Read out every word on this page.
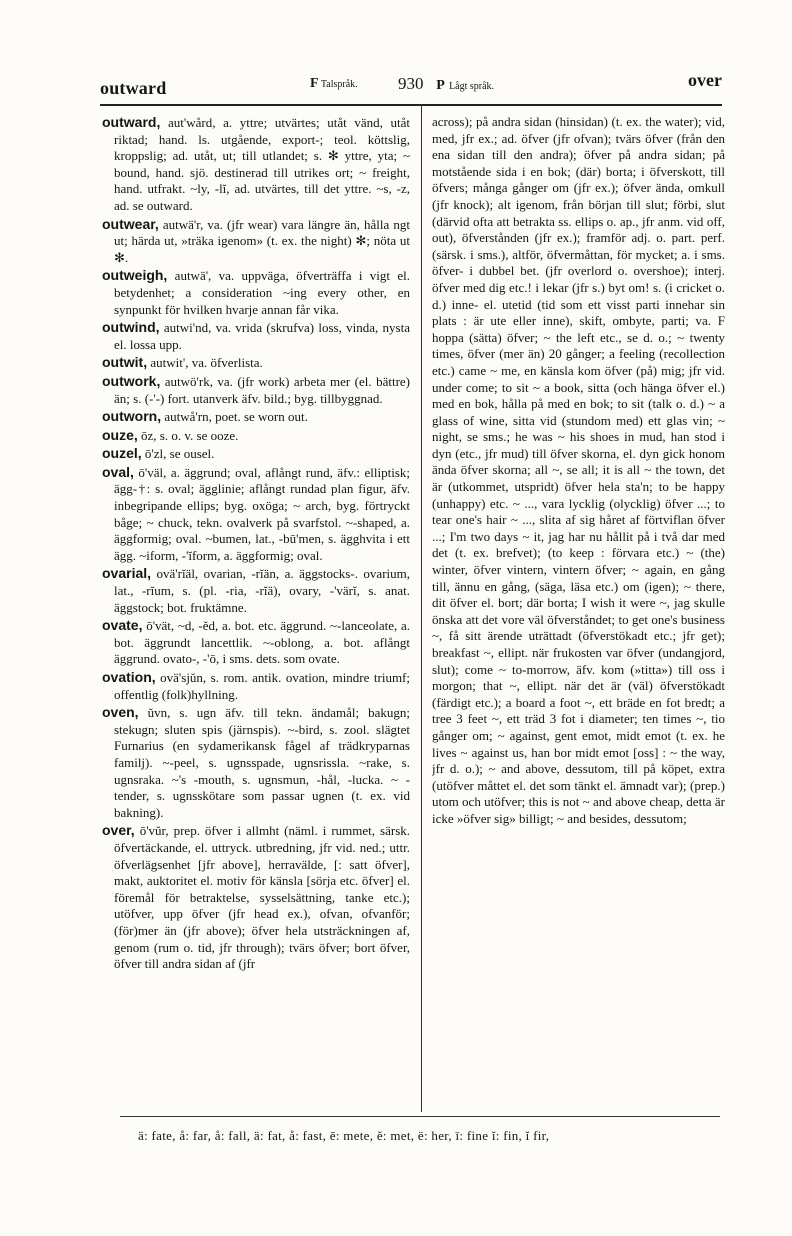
outward	F Talspråk. 930 P Lågt språk.	over

outward, aut'wård, a. yttre; utvärtes; utåt vänd, utåt riktad; hand. ls. utgående, export-; teol. köttslig, kroppslig; ad. utåt, ut; till utlandet; s. ✻ yttre, yta; ~ bound, hand. sjö. destinerad till utrikes ort; ~ freight, hand. utfrakt. ~ly, -lĭ, ad. utvärtes, till det yttre. ~s, -z, ad. se outward.

outwear, autwä'r, va. (jfr wear) vara längre än, hålla ngt ut; härda ut, »träka igenom» (t. ex. the night) ✻; nöta ut ✻.

outweigh, autwä', va. uppväga, öfverträffa i vigt el. betydenhet; a consideration ~ing every other, en synpunkt för hvilken hvarje annan får vika.

outwind, autwi'nd, va. vrida (skrufva) loss, vinda, nysta el. lossa upp.

outwit, autwit', va. öfverlista.

outwork, autwö'rk, va. (jfr work) arbeta mer (el. bättre) än; s. (-'-) fort. utanverk äfv. bild.; byg. tillbyggnad.

outworn, autwå'rn, poet. se worn out.

ouze, ōz, s. o. v. se ooze.

ouzel, ō'zl, se ousel.

oval, ō'väl, a. äggrund; oval, aflångt rund, äfv.: elliptisk; ägg-†: s. oval; ägglinie; aflångt rundad plan figur, äfv. inbegripande ellips; byg. oxöga; ~ arch, byg. förtryckt båge; ~ chuck, tekn. ovalverk på svarfstol. ~-shaped, a. äggformig; oval. ~bumen, lat., -bū'men, s. ägghvita i ett ägg. ~iform, -'ĭform, a. äggformig; oval.

ovarial, ovä'rĭäl, ovarian, -rĭän, a. äggstocks-. ovarium, lat., -rĭum, s. (pl. -ria, -rĭä), ovary, -'värĭ, s. anat. äggstock; bot. fruktämne.

ovate, ō'vät, ~d, -ĕd, a. bot. etc. äggrund. ~-lanceolate, a. bot. äggrundt lancettlik. ~-oblong, a. bot. aflångt äggrund. ovato-, -'ō, i sms. dets. som ovate.

ovation, ovä'sjŭn, s. rom. antik. ovation, mindre triumf; offentlig (folk)hyllning.

oven, ŭvn, s. ugn äfv. till tekn. ändamål; bakugn; stekugn; sluten spis (järnspis). ~-bird, s. zool. slägtet Furnarius (en sydamerikansk fågel af trädkryparnas familj). ~-peel, s. ugnsspade, ugnsrissla. ~rake, s. ugnsraka. ~'s -mouth, s. ugnsmun, -hål, -lucka. ~ -tender, s. ugnsskötare som passar ugnen (t. ex. vid bakning).

over, ō'vŭr, prep. öfver i allmht (näml. i rummet, särsk. öfvertäckande, el. uttryck. utbredning, jfr vid. ned.; uttr. öfverlägsenhet [jfr above], herravälde, [: satt öfver], makt, auktoritet el. motiv för känsla [sörja etc. öfver] el. föremål för betraktelse, sysselsättning, tanke etc.); utöfver, upp öfver (jfr head ex.), ofvan, ofvanför; (för)mer än (jfr above); öfver hela utsträckningen af, genom (rum o. tid, jfr through); tvärs öfver; bort öfver, öfver till andra sidan af (jfr

across); på andra sidan (hinsidan) (t. ex. the water); vid, med, jfr ex.; ad. öfver (jfr ofvan); tvärs öfver (från den ena sidan till den andra); öfver på andra sidan; på motstående sida i en bok; (där) borta; i öfverskott, till öfvers; många gånger om (jfr ex.); öfver ända, omkull (jfr knock); alt igenom, från början till slut; förbi, slut (därvid ofta att betrakta ss. ellips o. ap., jfr anm. vid off, out), öfverstånden (jfr ex.); framför adj. o. part. perf. (särsk. i sms.), altför, öfvermåttan, för mycket; a. i sms. öfver- i dubbel bet. (jfr overlord o. overshoe); interj. öfver med dig etc.! i lekar (jfr s.) byt om! s. (i cricket o. d.) inne- el. utetid (tid som ett visst parti innehar sin plats : är ute eller inne), skift, ombyte, parti; va. F hoppa (sätta) öfver; ~ the left etc., se d. o.; ~ twenty times, öfver (mer än) 20 gånger; a feeling (recollection etc.) came ~ me, en känsla kom öfver (på) mig; jfr vid. under come; to sit ~ a book, sitta (och hänga öfver el.) med en bok, hålla på med en bok; to sit (talk o. d.) ~ a glass of wine, sitta vid (stundom med) ett glas vin; ~ night, se sms.; he was ~ his shoes in mud, han stod i dyn (etc., jfr mud) till öfver skorna, el. dyn gick honom ända öfver skorna; all ~, se all; it is all ~ the town, det är (utkommet, utspridt) öfver hela sta'n; to be happy (unhappy) etc. ~ ..., vara lycklig (olycklig) öfver ...; to tear one's hair ~ ..., slita af sig håret af förtviflan öfver ...; I'm two days ~ it, jag har nu hållit på i två dar med det (t. ex. brefvet); (to keep : förvara etc.) ~ (the) winter, öfver vintern, vintern öfver; ~ again, en gång till, ännu en gång, (säga, läsa etc.) om (igen); ~ there, dit öfver el. bort; där borta; I wish it were ~, jag skulle önska att det vore väl öfverståndet; to get one's business ~, få sitt ärende uträttadt (öfverstökadt etc.; jfr get); breakfast ~, ellipt. när frukosten var öfver (undangjord, slut); come ~ to-morrow, äfv. kom (»titta») till oss i morgon; that ~, ellipt. när det är (väl) öfverstökadt (färdigt etc.); a board a foot ~, ett bräde en fot bredt; a tree 3 feet ~, ett träd 3 fot i diameter; ten times ~, tio gånger om; ~ against, gent emot, midt emot (t. ex. he lives ~ against us, han bor midt emot [oss] : ~ the way, jfr d. o.); ~ and above, dessutom, till på köpet, extra (utöfver måttet el. det som tänkt el. ämnadt var); (prep.) utom och utöfver; this is not ~ and above cheap, detta är icke »öfver sig» billigt; ~ and besides, dessutom;

ä: fate, å: far, å: fall, ä: fat, å: fast, ē: mete, ĕ: met, ë: her, ī: fine ĭ: fin, ĭ fir,
